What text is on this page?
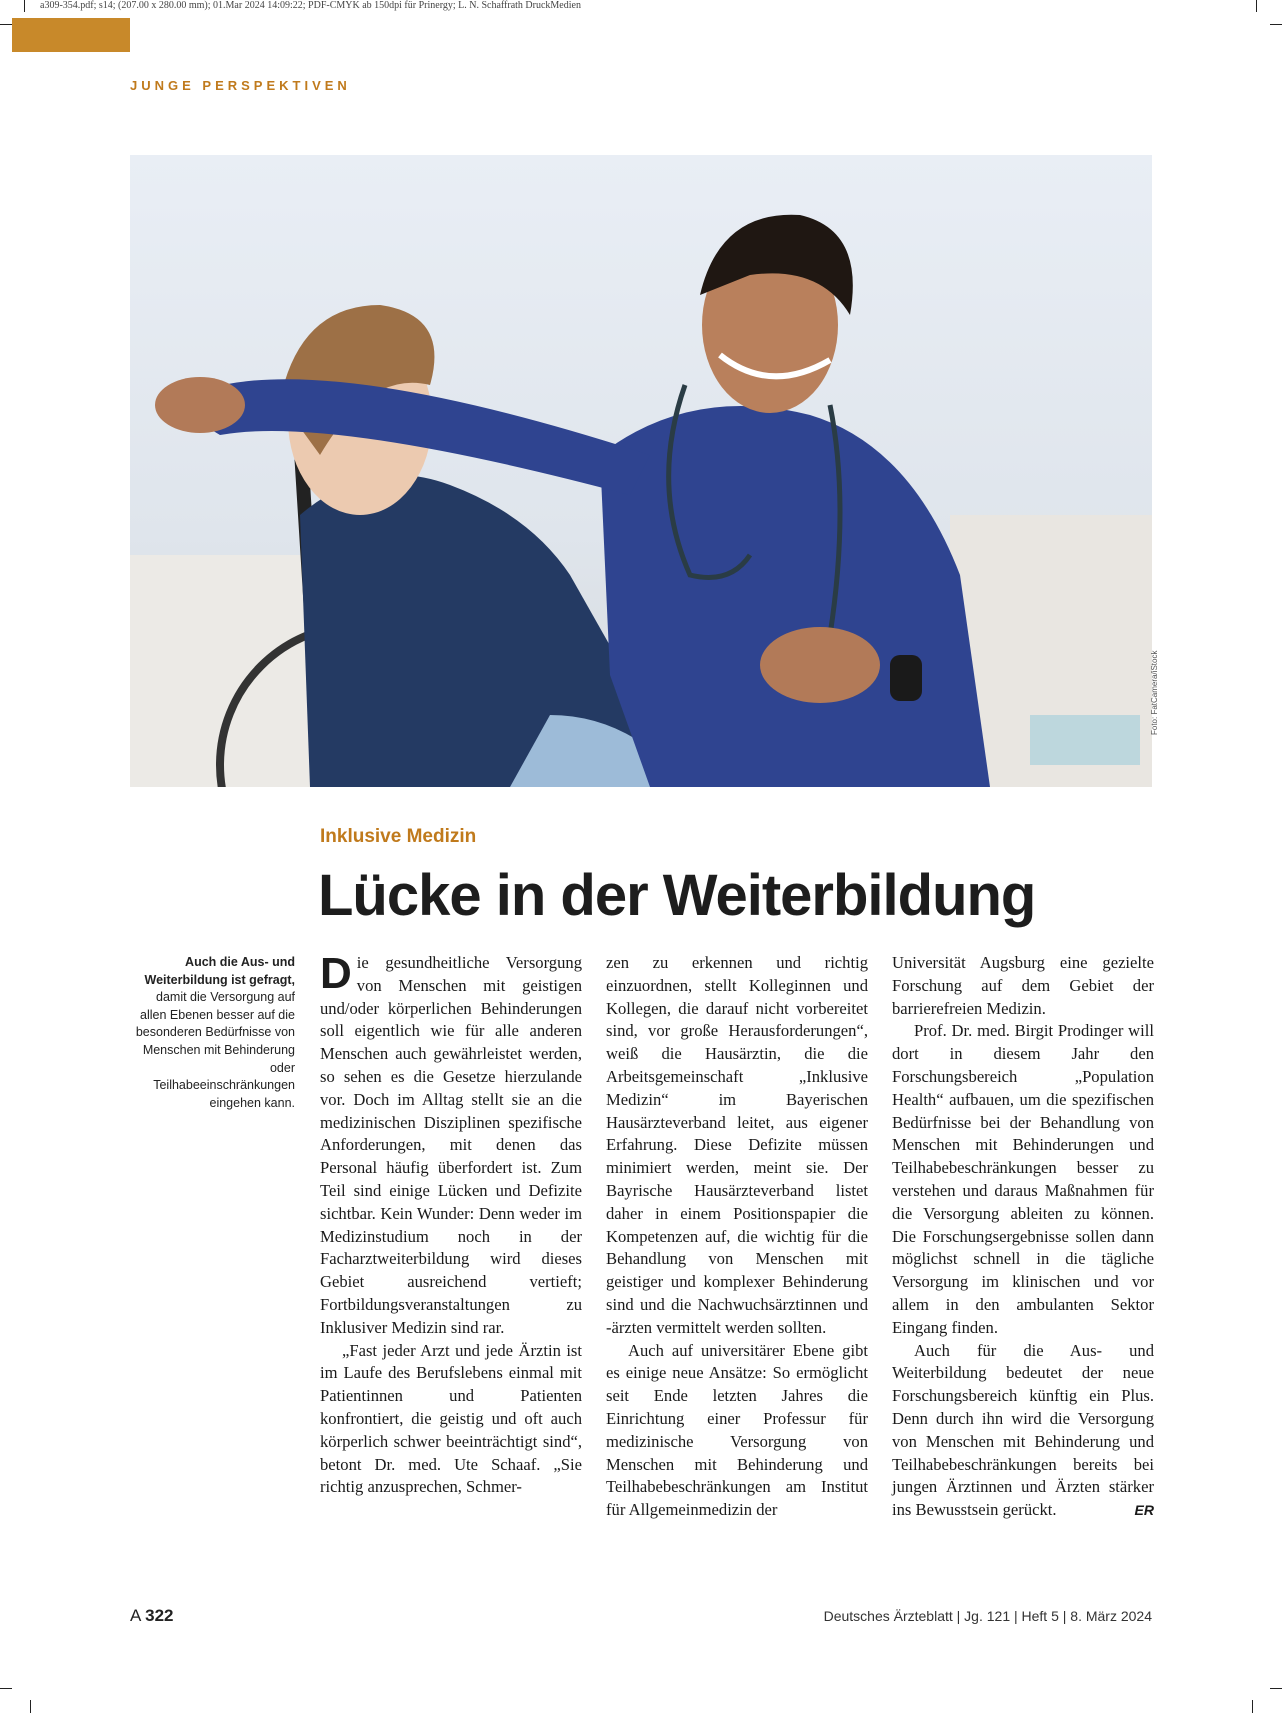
a309-354.pdf; s14; (207.00 x 280.00 mm); 01.Mar 2024 14:09:22; PDF-CMYK ab 150dpi für Prinergy; L. N. Schaffrath DruckMedien
JUNGE PERSPEKTIVEN
Foto: FatCamera/iStock
Inklusive Medizin
Lücke in der Weiterbildung
Auch die Aus- und Weiterbildung ist gefragt, damit die Versorgung auf allen Ebenen besser auf die besonderen Bedürfnisse von Menschen mit Behinderung oder Teilhabeeinschränkungen eingehen kann.

Die gesundheitliche Versorgung von Menschen mit geistigen und/oder körperlichen Behinderungen soll eigentlich wie für alle anderen Menschen auch gewährleistet werden, so sehen es die Gesetze hierzulande vor. Doch im Alltag stellt sie an die medizinischen Disziplinen spezifische Anforderungen, mit denen das Personal häufig überfordert ist. Zum Teil sind einige Lücken und Defizite sichtbar. Kein Wunder: Denn weder im Medizinstudium noch in der Facharztweiterbildung wird dieses Gebiet ausreichend vertieft; Fortbildungsveranstaltungen zu Inklusiver Medizin sind rar.

„Fast jeder Arzt und jede Ärztin ist im Laufe des Berufslebens einmal mit Patientinnen und Patienten konfrontiert, die geistig und oft auch körperlich schwer beeinträchtigt sind“, betont Dr. med. Ute Schaaf. „Sie richtig anzusprechen, Schmer-

zen zu erkennen und richtig einzuordnen, stellt Kolleginnen und Kollegen, die darauf nicht vorbereitet sind, vor große Herausforderungen“, weiß die Hausärztin, die die Arbeitsgemeinschaft „Inklusive Medizin“ im Bayerischen Hausärzteverband leitet, aus eigener Erfahrung. Diese Defizite müssen minimiert werden, meint sie. Der Bayrische Hausärzteverband listet daher in einem Positionspapier die Kompetenzen auf, die wichtig für die Behandlung von Menschen mit geistiger und komplexer Behinderung sind und die Nachwuchsärztinnen und -ärzten vermittelt werden sollten.

Auch auf universitärer Ebene gibt es einige neue Ansätze: So ermöglicht seit Ende letzten Jahres die Einrichtung einer Professur für medizinische Versorgung von Menschen mit Behinderung und Teilhabebeschränkungen am Institut für Allgemeinmedizin der

Universität Augsburg eine gezielte Forschung auf dem Gebiet der barrierefreien Medizin.

Prof. Dr. med. Birgit Prodinger will dort in diesem Jahr den Forschungsbereich „Population Health“ aufbauen, um die spezifischen Bedürfnisse bei der Behandlung von Menschen mit Behinderungen und Teilhabebeschränkungen besser zu verstehen und daraus Maßnahmen für die Versorgung ableiten zu können. Die Forschungsergebnisse sollen dann möglichst schnell in die tägliche Versorgung im klinischen und vor allem in den ambulanten Sektor Eingang finden.

Auch für die Aus- und Weiterbildung bedeutet der neue Forschungsbereich künftig ein Plus. Denn durch ihn wird die Versorgung von Menschen mit Behinderung und Teilhabebeschränkungen bereits bei jungen Ärztinnen und Ärzten stärker ins Bewusstsein gerückt.	ER

A 322	Deutsches Ärzteblatt | Jg. 121 | Heft 5 | 8. März 2024
